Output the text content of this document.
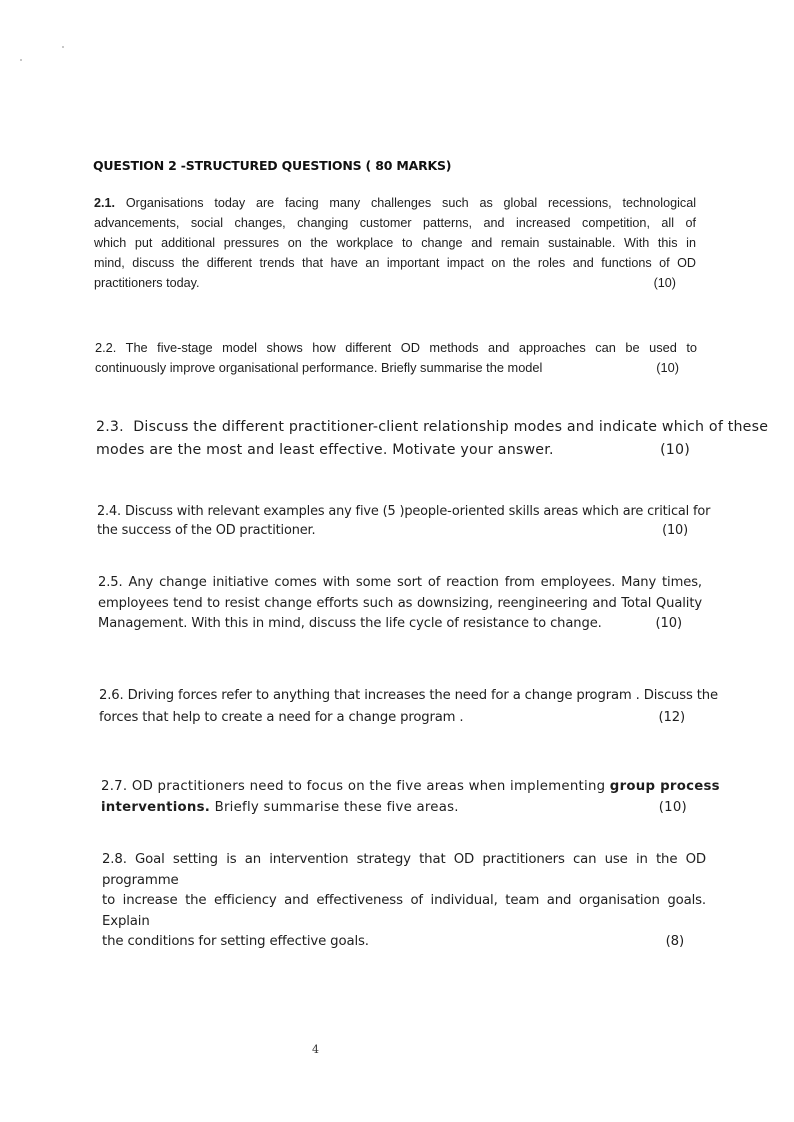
QUESTION 2 -STRUCTURED QUESTIONS ( 80 MARKS)
2.1. Organisations today are facing many challenges such as global recessions, technological
advancements, social changes, changing customer patterns, and increased competition, all of
which put additional pressures on the workplace to change and remain sustainable. With this in
mind, discuss the different trends that have an important impact on the roles and functions of OD
practitioners today.	(10)
2.2. The five-stage model shows how different OD methods and approaches can be used to
continuously improve organisational performance. Briefly summarise the model	(10)
2.3. Discuss the different practitioner-client relationship modes and indicate which of these
modes are the most and least effective. Motivate your answer.	(10)
2.4. Discuss with relevant examples any five (5 )people-oriented skills areas which are critical for
the success of the OD practitioner.	(10)
2.5. Any change initiative comes with some sort of reaction from employees. Many times,
employees tend to resist change efforts such as downsizing, reengineering and Total Quality
Management. With this in mind, discuss the life cycle of resistance to change.	(10)
2.6. Driving forces refer to anything that increases the need for a change program . Discuss the
forces that help to create a need for a change program .	(12)
2.7. OD practitioners need to focus on the five areas when implementing group process
interventions. Briefly summarise these five areas.	(10)
2.8. Goal setting is an intervention strategy that OD practitioners can use in the OD programme
to increase the efficiency and effectiveness of individual, team and organisation goals. Explain
the conditions for setting effective goals.	(8)
4
